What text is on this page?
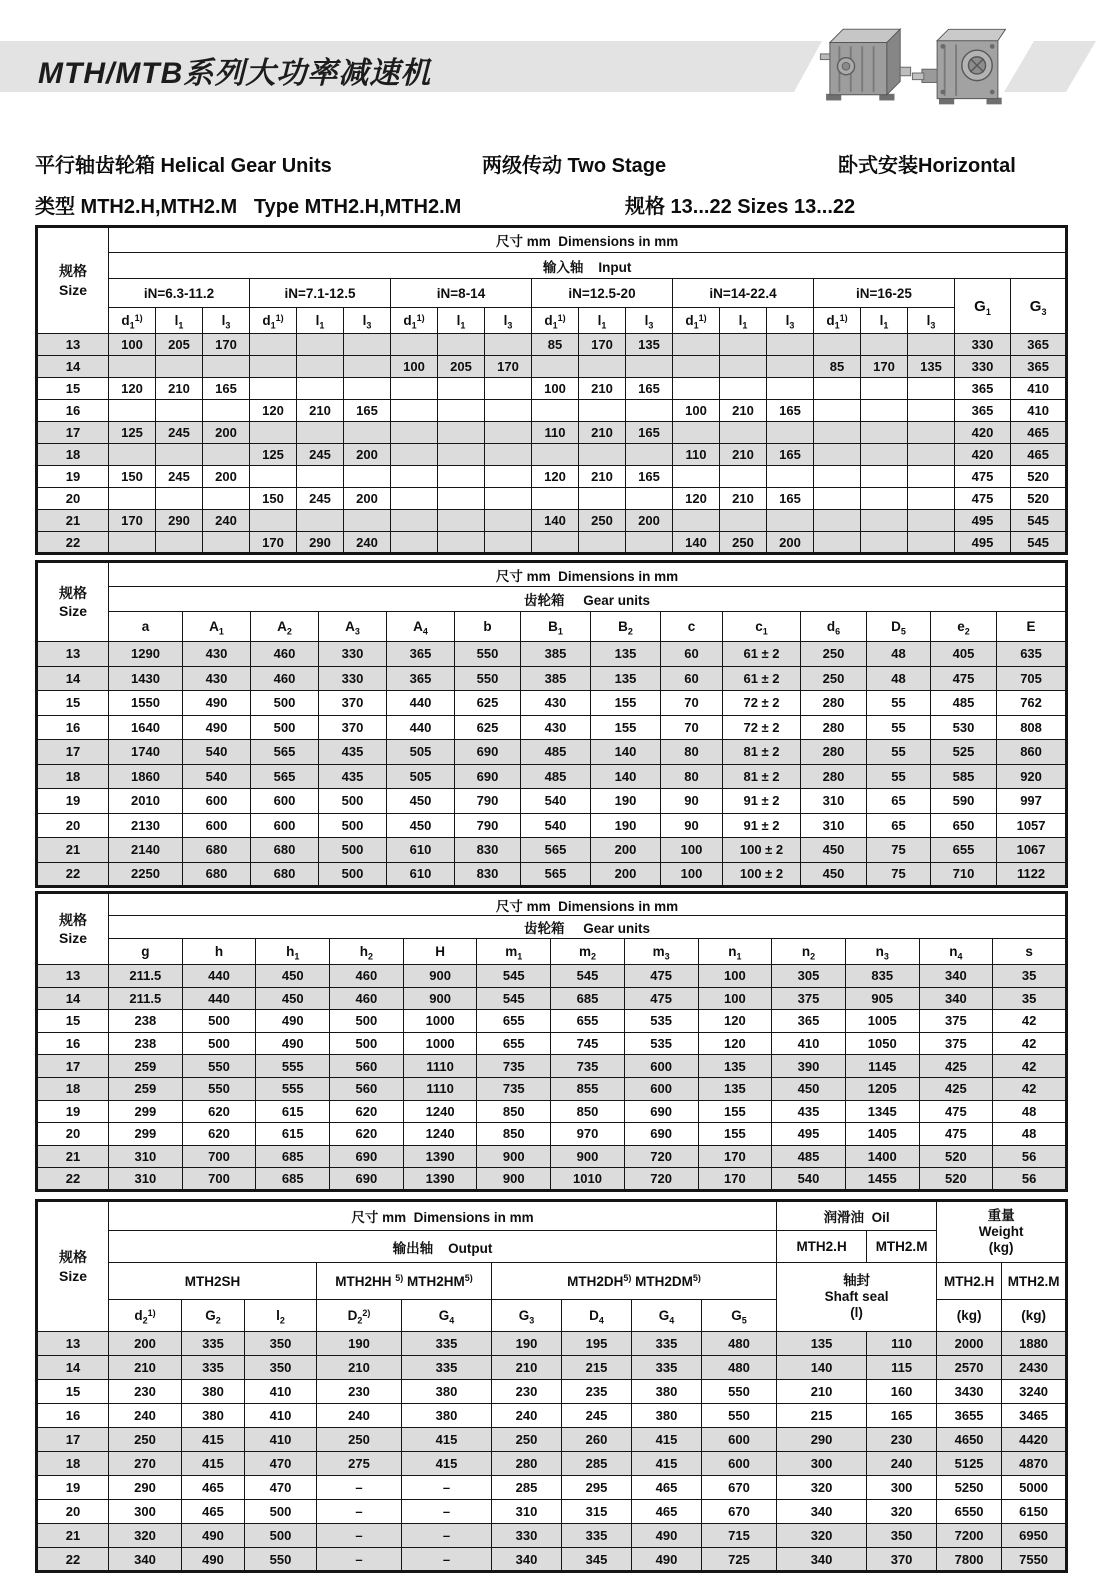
MTH/MTB系列大功率减速机
平行轴齿轮箱 Helical Gear Units	两级传动 Two Stage	卧式安装Horizontal
类型 MTH2.H,MTH2.M   Type MTH2.H,MTH2.M	规格 13...22 Sizes 13...22
规格
Size	尺寸 mm  Dimensions in mm																			
	输入轴    Input																			
	iN=6.3-11.2			iN=7.1-12.5			iN=8-14			iN=12.5-20			iN=14-22.4			iN=16-25			$G_1$	$G_3$
	$d_1^{1)}$	$l_1$	$l_3$	$d_1^{1)}$	$l_1$	$l_3$	$d_1^{1)}$	$l_1$	$l_3$	$d_1^{1)}$	$l_1$	$l_3$	$d_1^{1)}$	$l_1$	$l_3$	$d_1^{1)}$	$l_1$	$l_3$
13	100	205	170							85	170	135							330	365
14							100	205	170							85	170	135	330	365
15	120	210	165							100	210	165							365	410
16				120	210	165							100	210	165				365	410
17	125	245	200							110	210	165							420	465
18				125	245	200							110	210	165				420	465
19	150	245	200							120	210	165							475	520
20				150	245	200							120	210	165				475	520
21	170	290	240							140	250	200							495	545
22				170	290	240							140	250	200				495	545
规格
Size	尺寸 mm  Dimensions in mm													
	齿轮箱     Gear units													
	a	$A_1$	$A_2$	$A_3$	$A_4$	b	$B_1$	$B_2$	c	$c_1$	$d_6$	$D_5$	$e_2$	E
13	1290	430	460	330	365	550	385	135	60	61 ± 2	250	48	405	635
14	1430	430	460	330	365	550	385	135	60	61 ± 2	250	48	475	705
15	1550	490	500	370	440	625	430	155	70	72 ± 2	280	55	485	762
16	1640	490	500	370	440	625	430	155	70	72 ± 2	280	55	530	808
17	1740	540	565	435	505	690	485	140	80	81 ± 2	280	55	525	860
18	1860	540	565	435	505	690	485	140	80	81 ± 2	280	55	585	920
19	2010	600	600	500	450	790	540	190	90	91 ± 2	310	65	590	997
20	2130	600	600	500	450	790	540	190	90	91 ± 2	310	65	650	1057
21	2140	680	680	500	610	830	565	200	100	100 ± 2	450	75	655	1067
22	2250	680	680	500	610	830	565	200	100	100 ± 2	450	75	710	1122
规格
Size	尺寸 mm  Dimensions in mm												
	齿轮箱     Gear units												
	g	h	$h_1$	$h_2$	H	$m_1$	$m_2$	$m_3$	$n_1$	$n_2$	$n_3$	$n_4$	s
13	211.5	440	450	460	900	545	545	475	100	305	835	340	35
14	211.5	440	450	460	900	545	685	475	100	375	905	340	35
15	238	500	490	500	1000	655	655	535	120	365	1005	375	42
16	238	500	490	500	1000	655	745	535	120	410	1050	375	42
17	259	550	555	560	1110	735	735	600	135	390	1145	425	42
18	259	550	555	560	1110	735	855	600	135	450	1205	425	42
19	299	620	615	620	1240	850	850	690	155	435	1345	475	48
20	299	620	615	620	1240	850	970	690	155	495	1405	475	48
21	310	700	685	690	1390	900	900	720	170	485	1400	520	56
22	310	700	685	690	1390	900	1010	720	170	540	1455	520	56
规格
Size
	尺寸 mm  Dimensions in mm	润滑油  Oil	重量
Weight
(kg)

	输出轴    Output									MTH2.H	MTH2.M		
	MTH2SH			MTH2HH $^{5)}$ MTH2HM$^{5)}$		MTH2DH$^{5)}$ MTH2DM$^{5)}$				轴封
Shaft seal
(l)		MTH2.H	MTH2.M
	$d_2^{1)}$	$G_2$	$l_2$	$D_2^{2)}$	$G_4$	$G_3$	$D_4$	$G_4$	$G_5$			(kg)	(kg)
13	200	335	350	190	335	190	195	335	480	135	110	2000	1880
14	210	335	350	210	335	210	215	335	480	140	115	2570	2430
15	230	380	410	230	380	230	235	380	550	210	160	3430	3240
16	240	380	410	240	380	240	245	380	550	215	165	3655	3465
17	250	415	410	250	415	250	260	415	600	290	230	4650	4420
18	270	415	470	275	415	280	285	415	600	300	240	5125	4870
19	290	465	470	–	–	285	295	465	670	320	300	5250	5000
20	300	465	500	–	–	310	315	465	670	340	320	6550	6150
21	320	490	500	–	–	330	335	490	715	320	350	7200	6950
22	340	490	550	–	–	340	345	490	725	340	370	7800	7550
